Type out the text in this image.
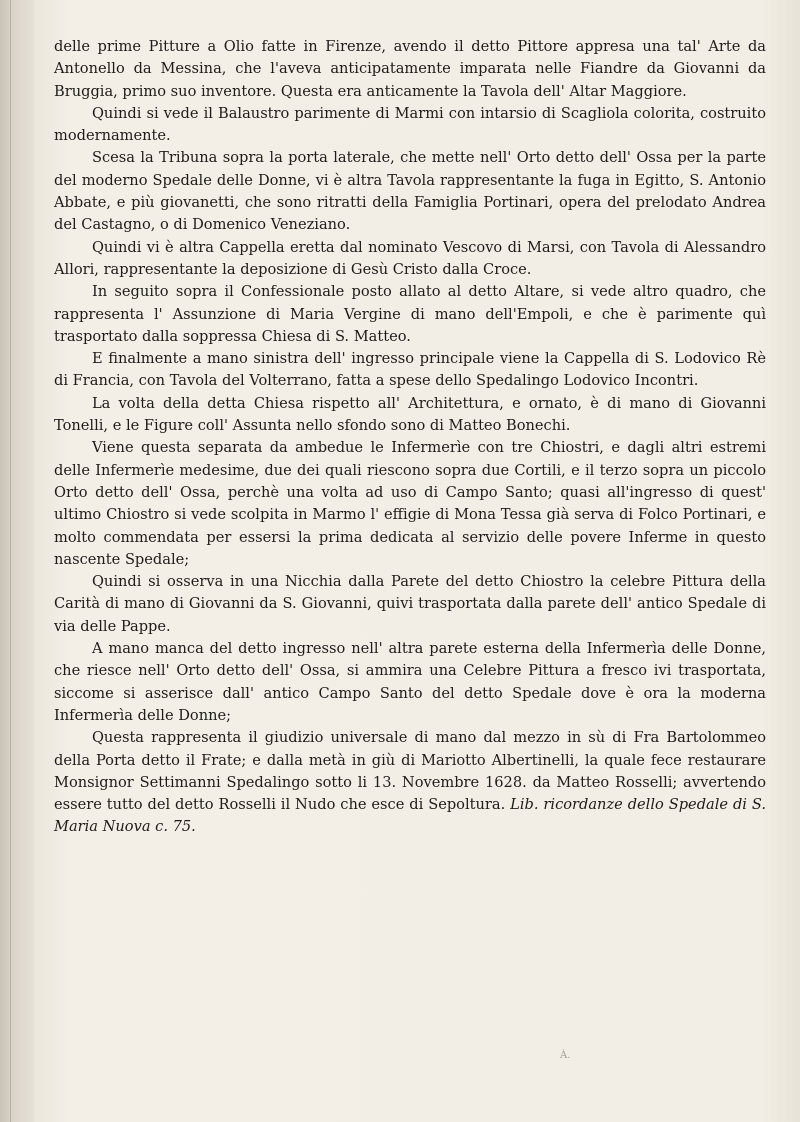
delle prime Pitture a Olio fatte in Firenze, avendo il detto Pittore appresa una tal' Arte da Antonello da Messina, che l'aveva anticipatamente imparata nelle Fiandre da Giovanni da Bruggia, primo suo inventore. Questa era anticamente la Tavola dell' Altar Maggiore.

Quindi si vede il Balaustro parimente di Marmi con intarsio di Scagliola colorita, costruito modernamente.

Scesa la Tribuna sopra la porta laterale, che mette nell' Orto detto dell' Ossa per la parte del moderno Spedale delle Donne, vi è altra Tavola rappresentante la fuga in Egitto, S. Antonio Abbate, e più giovanetti, che sono ritratti della Famiglia Portinari, opera del prelodato Andrea del Castagno, o di Domenico Veneziano.

Quindi vi è altra Cappella eretta dal nominato Vescovo di Marsi, con Tavola di Alessandro Allori, rappresentante la deposizione di Gesù Cristo dalla Croce.

In seguito sopra il Confessionale posto allato al detto Altare, si vede altro quadro, che rappresenta l' Assunzione di Maria Vergine di mano dell'Empoli, e che è parimente quì trasportato dalla soppressa Chiesa di S. Matteo.

E finalmente a mano sinistra dell' ingresso principale viene la Cappella di S. Lodovico Rè di Francia, con Tavola del Volterrano, fatta a spese dello Spedalingo Lodovico Incontri.

La volta della detta Chiesa rispetto all' Architettura, e ornato, è di mano di Giovanni Tonelli, e le Figure coll' Assunta nello sfondo sono di Matteo Bonechi.

Viene questa separata da ambedue le Infermerìe con tre Chiostri, e dagli altri estremi delle Infermerìe medesime, due dei quali riescono sopra due Cortili, e il terzo sopra un piccolo Orto detto dell' Ossa, perchè una volta ad uso di Campo Santo; quasi all'ingresso di quest' ultimo Chiostro si vede scolpita in Marmo l' effigie di Mona Tessa già serva di Folco Portinari, e molto commendata per essersi la prima dedicata al servizio delle povere Inferme in questo nascente Spedale;

Quindi si osserva in una Nicchia dalla Parete del detto Chiostro la celebre Pittura della Carità di mano di Giovanni da S. Giovanni, quivi trasportata dalla parete dell' antico Spedale di via delle Pappe.

A mano manca del detto ingresso nell' altra parete esterna della Infermerìa delle Donne, che riesce nell' Orto detto dell' Ossa, si ammira una Celebre Pittura a fresco ivi trasportata, siccome si asserisce dall' antico Campo Santo del detto Spedale dove è ora la moderna Infermerìa delle Donne;

Questa rappresenta il giudizio universale di mano dal mezzo in sù di Fra Bartolommeo della Porta detto il Frate; e dalla metà in giù di Mariotto Albertinelli, la quale fece restaurare Monsignor Settimanni Spedalingo sotto li 13. Novembre 1628. da Matteo Rosselli; avvertendo essere tutto del detto Rosselli il Nudo che esce di Sepoltura. Lib. ricordanze dello Spedale di S. Maria Nuova c. 75.

Á.
